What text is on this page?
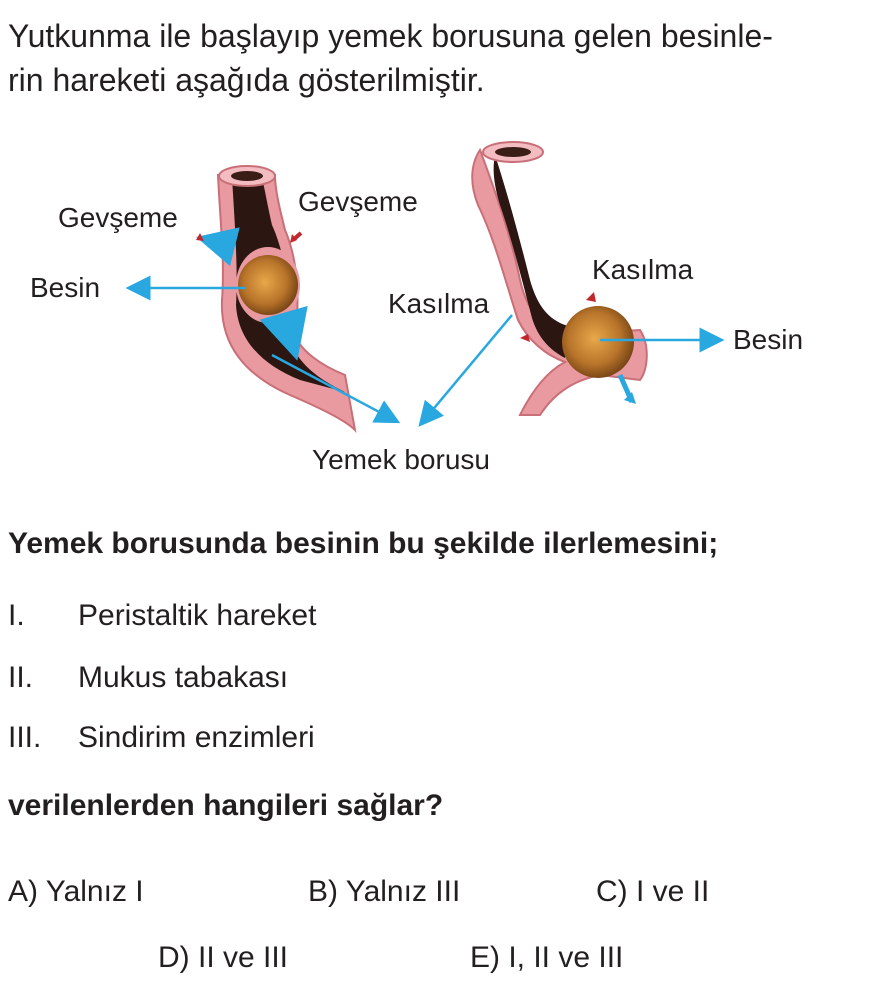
Yutkunma ile başlayıp yemek borusuna gelen besinle-
rin hareketi aşağıda gösterilmiştir.

Gevşeme
Gevşeme
Besin
Kasılma
Kasılma
Besin
Yemek borusu
Yemek borusunda besinin bu şekilde ilerlemesini;
I. Peristaltik hareket
II. Mukus tabakası
III. Sindirim enzimleri
verilenlerden hangileri sağlar?
A) Yalnız I	B) Yalnız III	C) I ve II
D) II ve III	E) I, II ve III
